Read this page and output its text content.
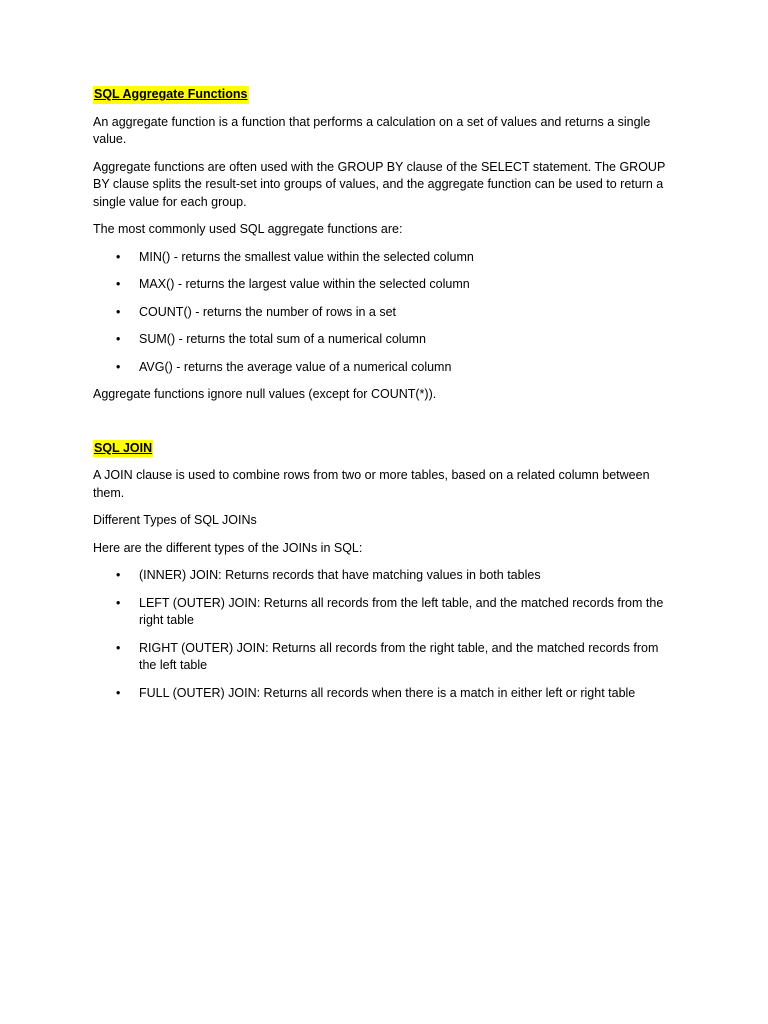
SQL Aggregate Functions

An aggregate function is a function that performs a calculation on a set of values and returns a single value.

Aggregate functions are often used with the GROUP BY clause of the SELECT statement. The GROUP BY clause splits the result-set into groups of values, and the aggregate function can be used to return a single value for each group.

The most commonly used SQL aggregate functions are:

• MIN() - returns the smallest value within the selected column
• MAX() - returns the largest value within the selected column
• COUNT() - returns the number of rows in a set
• SUM() - returns the total sum of a numerical column
• AVG() - returns the average value of a numerical column

Aggregate functions ignore null values (except for COUNT(*)).

SQL JOIN

A JOIN clause is used to combine rows from two or more tables, based on a related column between them.

Different Types of SQL JOINs

Here are the different types of the JOINs in SQL:

• (INNER) JOIN: Returns records that have matching values in both tables
• LEFT (OUTER) JOIN: Returns all records from the left table, and the matched records from the right table
• RIGHT (OUTER) JOIN: Returns all records from the right table, and the matched records from the left table
• FULL (OUTER) JOIN: Returns all records when there is a match in either left or right table
